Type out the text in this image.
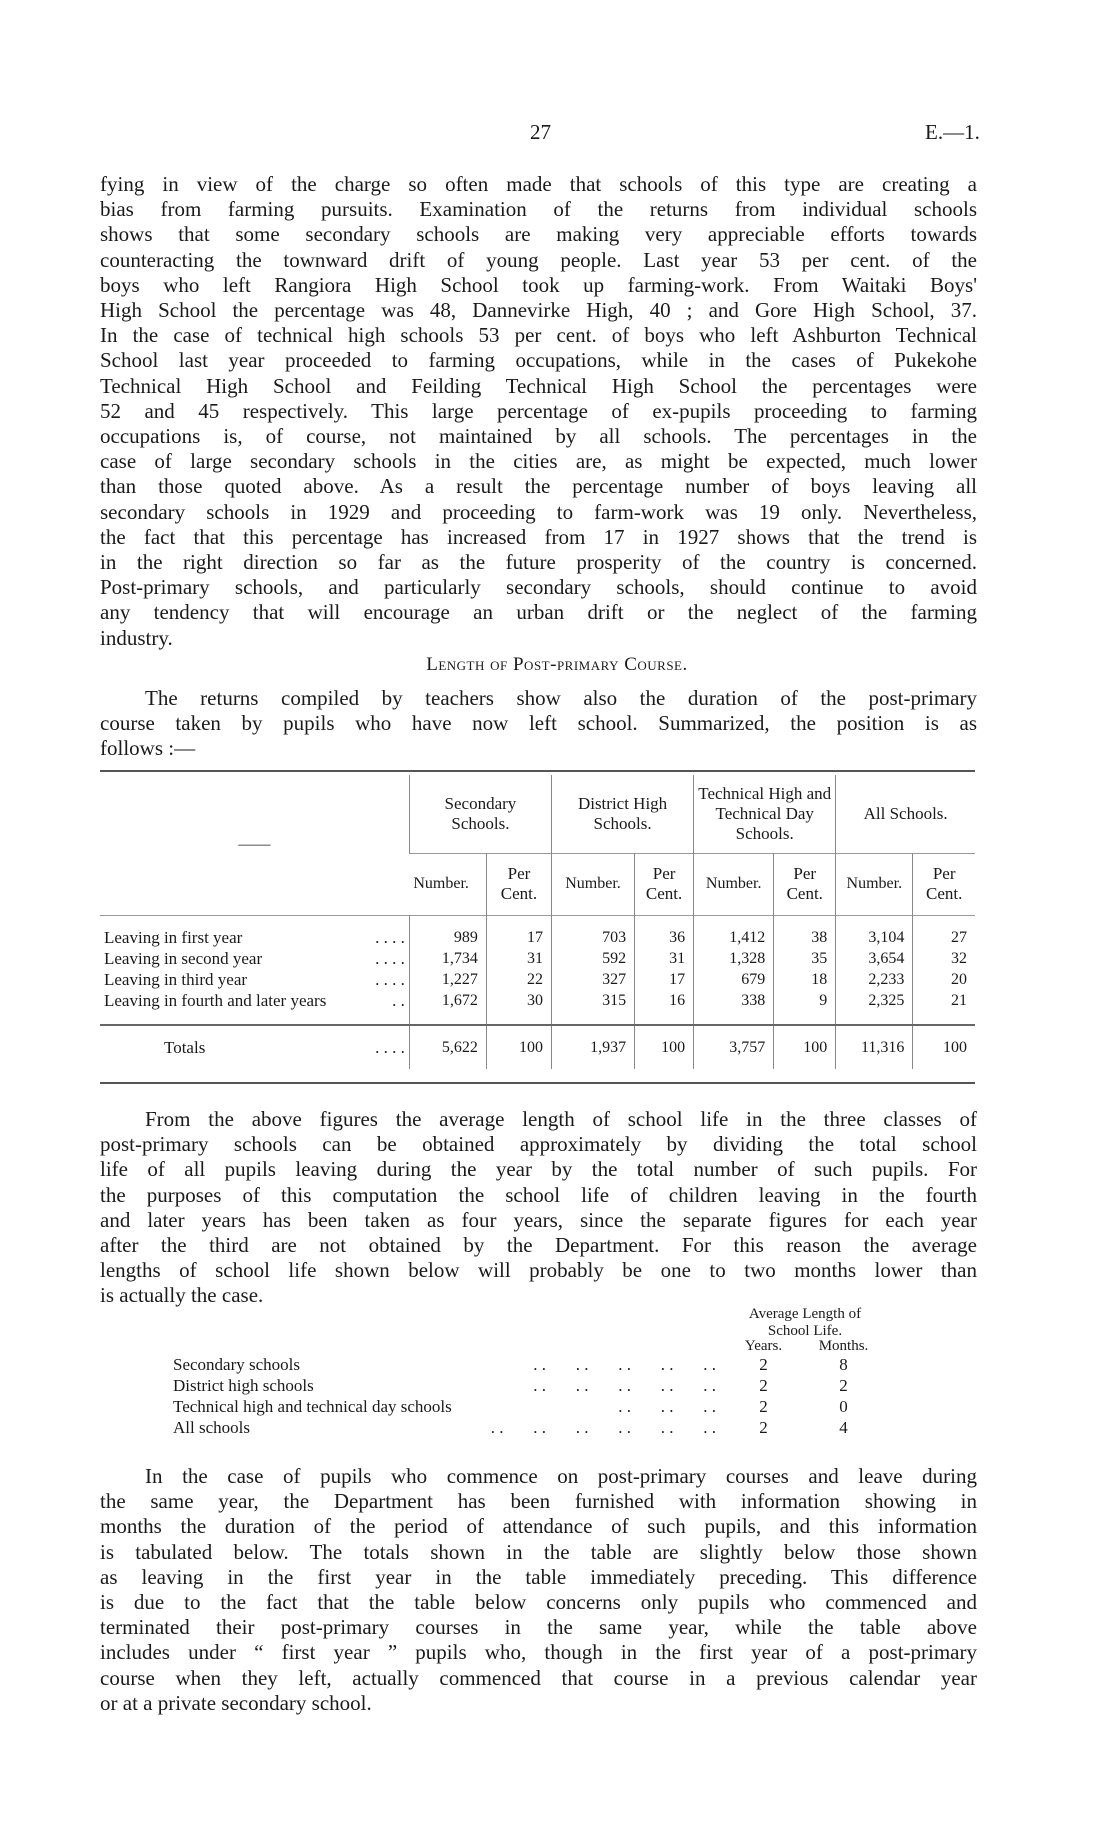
27	E.—1.
fying in view of the charge so often made that schools of this type are creating a
bias from farming pursuits. Examination of the returns from individual schools
shows that some secondary schools are making very appreciable efforts towards
counteracting the townward drift of young people. Last year 53 per cent. of the
boys who left Rangiora High School took up farming-work. From Waitaki Boys'
High School the percentage was 48, Dannevirke High, 40 ; and Gore High School, 37.
In the case of technical high schools 53 per cent. of boys who left Ashburton Technical
School last year proceeded to farming occupations, while in the cases of Pukekohe
Technical High School and Feilding Technical High School the percentages were
52 and 45 respectively. This large percentage of ex-pupils proceeding to farming
occupations is, of course, not maintained by all schools. The percentages in the
case of large secondary schools in the cities are, as might be expected, much lower
than those quoted above. As a result the percentage number of boys leaving all
secondary schools in 1929 and proceeding to farm-work was 19 only. Nevertheless,
the fact that this percentage has increased from 17 in 1927 shows that the trend is
in the right direction so far as the future prosperity of the country is concerned.
Post-primary schools, and particularly secondary schools, should continue to avoid
any tendency that will encourage an urban drift or the neglect of the farming
industry.
Length of Post-primary Course.
The returns compiled by teachers show also the duration of the post-primary
course taken by pupils who have now left school. Summarized, the position is as
follows :—
——	Secondary Schools.		District High Schools.		Technical High and Technical Day Schools.		All Schools.	
	Number.	Per Cent.	Number.	Per Cent.	Number.	Per Cent.	Number.	Per Cent.

Leaving in first year . . . .	989	17	703	36	1,412	38	3,104	27
Leaving in second year . . . .	1,734	31	592	31	1,328	35	3,654	32
Leaving in third year . . . .	1,227	22	327	17	679	18	2,233	20
Leaving in fourth and later years . .	1,672	30	315	16	338	9	2,325	21

Totals . . . .	5,622	100	1,937	100	3,757	100	11,316	100
From the above figures the average length of school life in the three classes of
post-primary schools can be obtained approximately by dividing the total school
life of all pupils leaving during the year by the total number of such pupils. For
the purposes of this computation the school life of children leaving in the fourth
and later years has been taken as four years, since the separate figures for each year
after the third are not obtained by the Department. For this reason the average
lengths of school life shown below will probably be one to two months lower than
is actually the case.
Average Length of
School Life.
		Years.	Months.
Secondary schools . .       . .       . .       . .       . .		2	8
District high schools . .       . .       . .       . .       . .		2	2
Technical high and technical day schools . .       . .       . .		2	0
All schools . .       . .       . .       . .       . .       . .		2	4
In the case of pupils who commence on post-primary courses and leave during
the same year, the Department has been furnished with information showing in
months the duration of the period of attendance of such pupils, and this information
is tabulated below. The totals shown in the table are slightly below those shown
as leaving in the first year in the table immediately preceding. This difference
is due to the fact that the table below concerns only pupils who commenced and
terminated their post-primary courses in the same year, while the table above
includes under “ first year ” pupils who, though in the first year of a post-primary
course when they left, actually commenced that course in a previous calendar year
or at a private secondary school.
